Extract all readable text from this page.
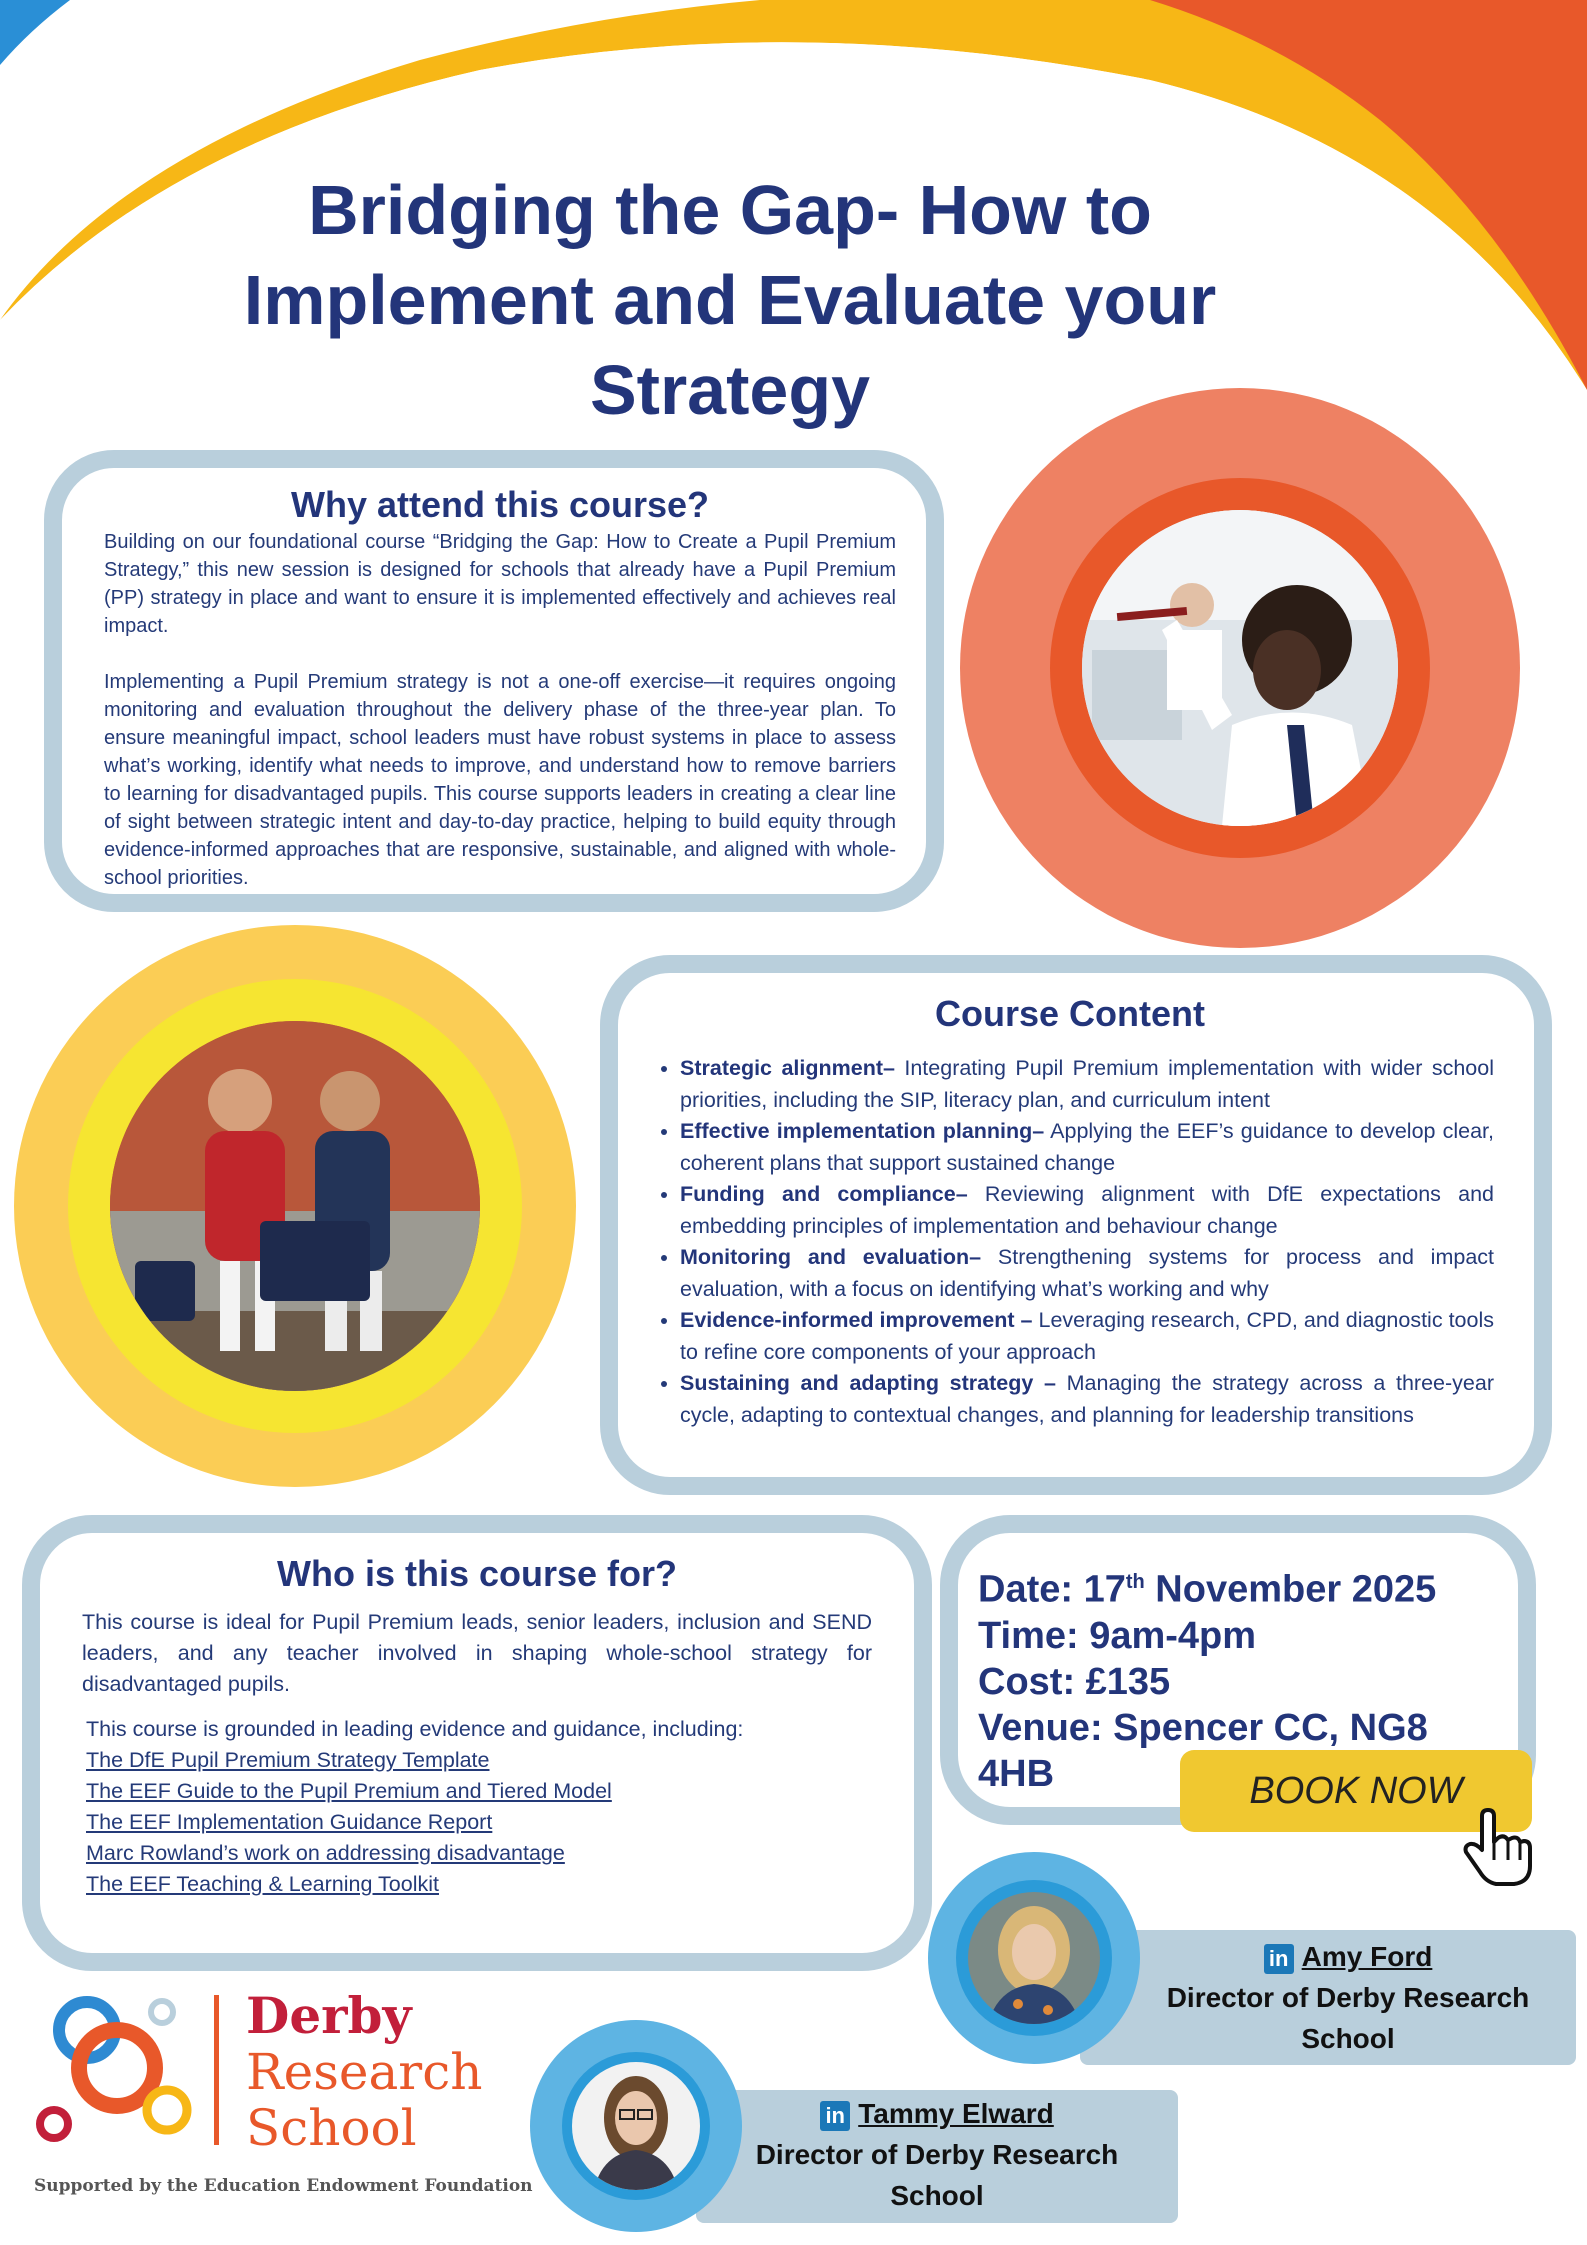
Bridging the Gap- How to
Implement and Evaluate your
Strategy
Why attend this course?
Building on our foundational course “Bridging the Gap: How to Create a Pupil Premium Strategy,” this new session is designed for schools that already have a Pupil Premium (PP) strategy in place and want to ensure it is implemented effectively and achieves real impact.
Implementing a Pupil Premium strategy is not a one-off exercise—it requires ongoing monitoring and evaluation throughout the delivery phase of the three-year plan. To ensure meaningful impact, school leaders must have robust systems in place to assess what’s working, identify what needs to improve, and understand how to remove barriers to learning for disadvantaged pupils. This course supports leaders in creating a clear line of sight between strategic intent and day-to-day practice, helping to build equity through evidence-informed approaches that are responsive, sustainable, and aligned with whole-school priorities.
Course Content
• Strategic alignment– Integrating Pupil Premium implementation with wider school priorities, including the SIP, literacy plan, and curriculum intent
• Effective implementation planning– Applying the EEF’s guidance to develop clear, coherent plans that support sustained change
• Funding and compliance– Reviewing alignment with DfE expectations and embedding principles of implementation and behaviour change
• Monitoring and evaluation– Strengthening systems for process and impact evaluation, with a focus on identifying what’s working and why
• Evidence-informed improvement – Leveraging research, CPD, and diagnostic tools to refine core components of your approach
• Sustaining and adapting strategy – Managing the strategy across a three-year cycle, adapting to contextual changes, and planning for leadership transitions
Who is this course for?
This course is ideal for Pupil Premium leads, senior leaders, inclusion and SEND leaders, and any teacher involved in shaping whole-school strategy for disadvantaged pupils.
This course is grounded in leading evidence and guidance, including:
The DfE Pupil Premium Strategy Template
The EEF Guide to the Pupil Premium and Tiered Model
The EEF Implementation Guidance Report
Marc Rowland’s work on addressing disadvantage
The EEF Teaching & Learning Toolkit
Date: 17th November 2025
Time: 9am-4pm
Cost: £135
Venue: Spencer CC, NG8 4HB	BOOK NOW
in Amy Ford
Director of Derby Research
School
in Tammy Elward
Director of Derby Research
School
Derby
Research
School
Supported by the Education Endowment Foundation
